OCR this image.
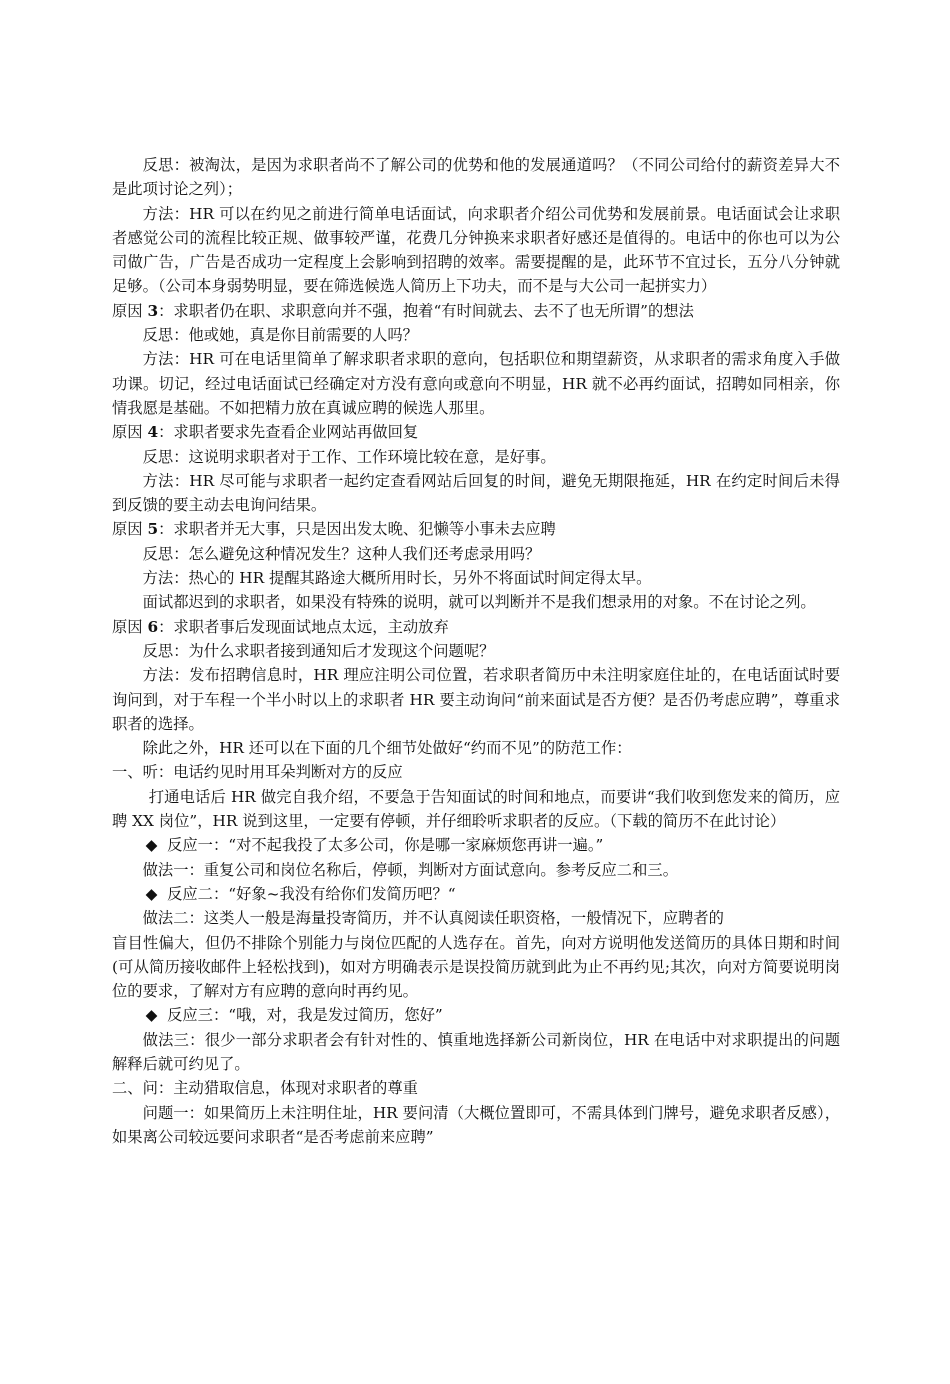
反思：被淘汰，是因为求职者尚不了解公司的优势和他的发展通道吗？（不同公司给付的薪资差异大不是此项讨论之列）；

方法：HR 可以在约见之前进行简单电话面试，向求职者介绍公司优势和发展前景。电话面试会让求职者感觉公司的流程比较正规、做事较严谨，花费几分钟换来求职者好感还是值得的。电话中的你也可以为公司做广告，广告是否成功一定程度上会影响到招聘的效率。需要提醒的是，此环节不宜过长，五分八分钟就足够。（公司本身弱势明显，要在筛选候选人简历上下功夫，而不是与大公司一起拼实力）

原因 3：求职者仍在职、求职意向并不强，抱着“有时间就去、去不了也无所谓”的想法

反思：他或她，真是你目前需要的人吗？

方法：HR 可在电话里简单了解求职者求职的意向，包括职位和期望薪资，从求职者的需求角度入手做功课。切记，经过电话面试已经确定对方没有意向或意向不明显，HR 就不必再约面试，招聘如同相亲，你情我愿是基础。不如把精力放在真诚应聘的候选人那里。

原因 4：求职者要求先查看企业网站再做回复

反思：这说明求职者对于工作、工作环境比较在意，是好事。

方法：HR 尽可能与求职者一起约定查看网站后回复的时间，避免无期限拖延，HR 在约定时间后未得到反馈的要主动去电询问结果。

原因 5：求职者并无大事，只是因出发太晚、犯懒等小事未去应聘

反思：怎么避免这种情况发生？这种人我们还考虑录用吗？

方法：热心的 HR 提醒其路途大概所用时长，另外不将面试时间定得太早。

面试都迟到的求职者，如果没有特殊的说明，就可以判断并不是我们想录用的对象。不在讨论之列。

原因 6：求职者事后发现面试地点太远，主动放弃

反思：为什么求职者接到通知后才发现这个问题呢？

方法：发布招聘信息时，HR 理应注明公司位置，若求职者简历中未注明家庭住址的，在电话面试时要询问到，对于车程一个半小时以上的求职者 HR 要主动询问“前来面试是否方便？是否仍考虑应聘”，尊重求职者的选择。

除此之外，HR 还可以在下面的几个细节处做好“约而不见”的防范工作：

一、听：电话约见时用耳朵判断对方的反应

打通电话后 HR 做完自我介绍，不要急于告知面试的时间和地点，而要讲“我们收到您发来的简历，应聘 XX 岗位”，HR 说到这里，一定要有停顿，并仔细聆听求职者的反应。（下载的简历不在此讨论）

◆ 反应一：“对不起我投了太多公司，你是哪一家麻烦您再讲一遍。”

做法一：重复公司和岗位名称后，停顿，判断对方面试意向。参考反应二和三。

◆ 反应二：“好象~我没有给你们发简历吧？“

做法二：这类人一般是海量投寄简历，并不认真阅读任职资格，一般情况下，应聘者的

盲目性偏大，但仍不排除个别能力与岗位匹配的人选存在。首先，向对方说明他发送简历的具体日期和时间(可从简历接收邮件上轻松找到)，如对方明确表示是误投简历就到此为止不再约见;其次，向对方简要说明岗位的要求，了解对方有应聘的意向时再约见。

◆ 反应三：“哦，对，我是发过简历，您好”

做法三：很少一部分求职者会有针对性的、慎重地选择新公司新岗位，HR 在电话中对求职提出的问题解释后就可约见了。

二、问：主动猎取信息，体现对求职者的尊重

问题一：如果简历上未注明住址，HR 要问清（大概位置即可，不需具体到门牌号，避免求职者反感），如果离公司较远要问求职者“是否考虑前来应聘”
